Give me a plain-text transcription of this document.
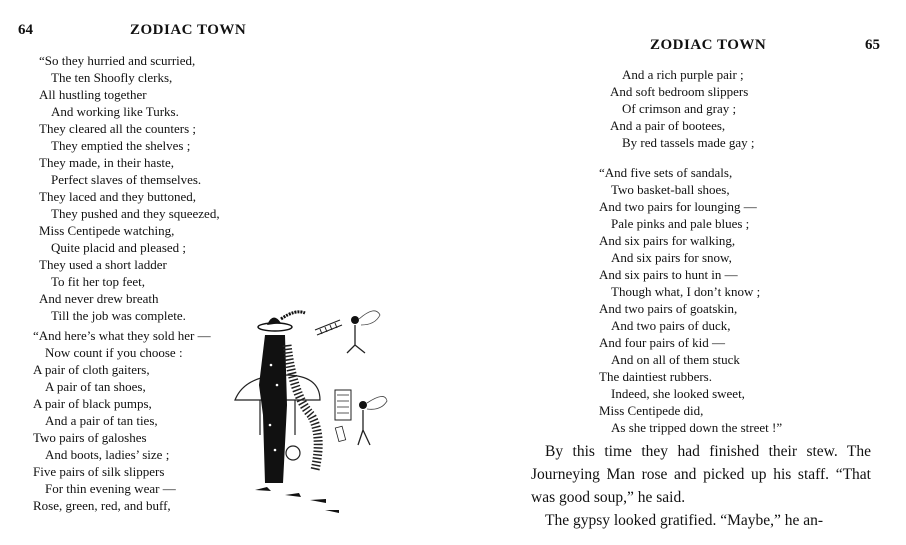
64	ZODIAC TOWN
“So they hurried and scurried,
The ten Shoofly clerks,
All hustling together
And working like Turks.
They cleared all the counters ;
They emptied the shelves ;
They made, in their haste,
Perfect slaves of themselves.
They laced and they buttoned,
They pushed and they squeezed,
Miss Centipede watching,
Quite placid and pleased ;
They used a short ladder
To fit her top feet,
And never drew breath
Till the job was complete.
“And here’s what they sold her —
Now count if you choose :
A pair of cloth gaiters,
A pair of tan shoes,
A pair of black pumps,
And a pair of tan ties,
Two pairs of galoshes
And boots, ladies’ size ;
Five pairs of silk slippers
For thin evening wear —
Rose, green, red, and buff,
ZODIAC TOWN	65
And a rich purple pair ;
And soft bedroom slippers
Of crimson and gray ;
And a pair of bootees,
By red tassels made gay ;
“And five sets of sandals,
Two basket-ball shoes,
And two pairs for lounging —
Pale pinks and pale blues ;
And six pairs for walking,
And six pairs for snow,
And six pairs to hunt in —
Though what, I don’t know ;
And two pairs of goatskin,
And two pairs of duck,
And four pairs of kid —
And on all of them stuck
The daintiest rubbers.
Indeed, she looked sweet,
Miss Centipede did,
As she tripped down the street !”

By this time they had finished their stew. The Journeying Man rose and picked up his staff. “That was good soup,” he said.

The gypsy looked gratified. “Maybe,” he an-
